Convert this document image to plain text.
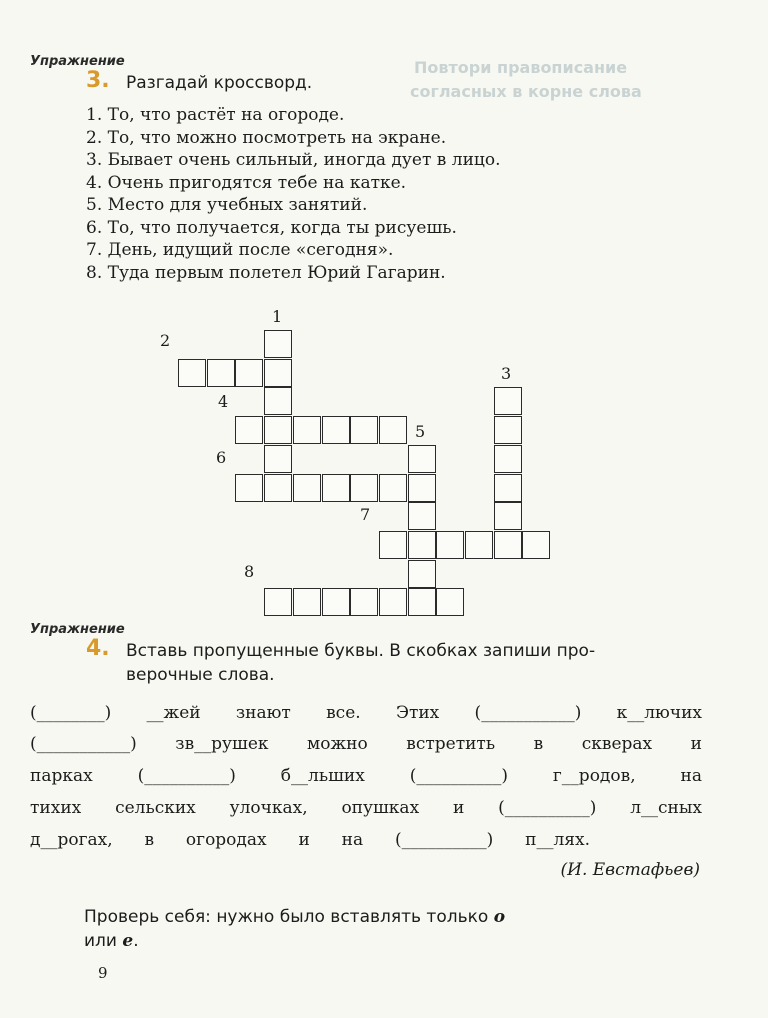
Повтори правописание
согласных в корне слова
Упражнение
3. Разгадай кроссворд.
1. То, что растёт на огороде.
2. То, что можно посмотреть на экране.
3. Бывает очень сильный, иногда дует в лицо.
4. Очень пригодятся тебе на катке.
5. Место для учебных занятий.
6. То, что получается, когда ты рисуешь.
7. День, идущий после «сегодня».
8. Туда первым полетел Юрий Гагарин.
1
2
3
4
5
6
7
8
Упражнение
4. Вставь пропущенные буквы. В скобках запиши про-
верочные слова.
(________) __жей знают все. Этих (___________) к__лючих
(___________) зв__рушек можно встретить в скверах и
парках (__________) б__льших (__________) г__родов, на
тихих сельских улочках, опушках и (__________) л__сных
д__рогах, в огородах и на (__________) п__лях.
(И. Евстафьев)
Проверь себя: нужно было вставлять только о
или е.
9
